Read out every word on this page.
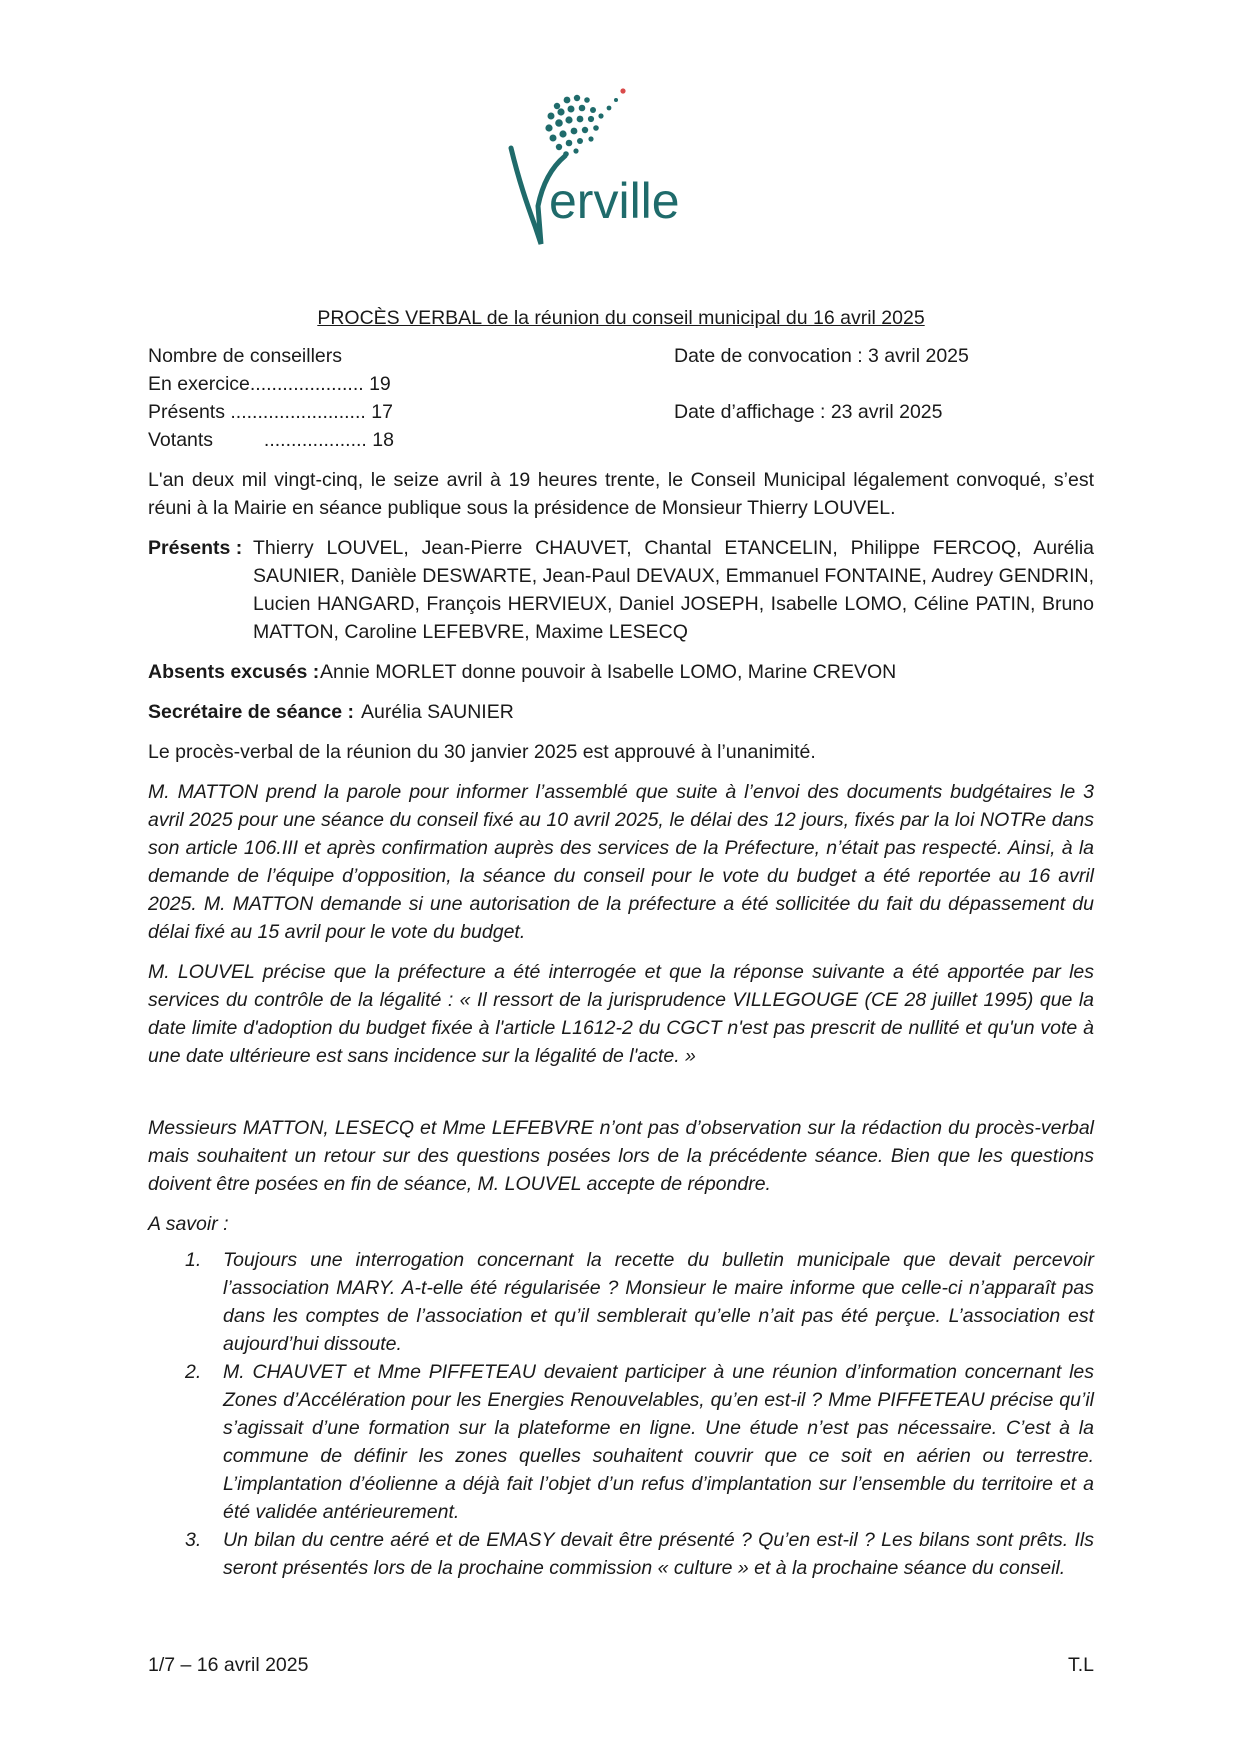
erville

PROCÈS VERBAL de la réunion du conseil municipal du 16 avril 2025

Nombre de conseillers
En exercice..................... 19
Présents ......................... 17
Votants	................... 18
Date de convocation : 3 avril 2025
Date d’affichage : 23 avril 2025

L'an deux mil vingt-cinq, le seize avril à 19 heures trente, le Conseil Municipal légalement convoqué, s’est réuni à la Mairie en séance publique sous la présidence de Monsieur Thierry LOUVEL.

Présents : Thierry LOUVEL, Jean-Pierre CHAUVET, Chantal ETANCELIN, Philippe FERCOQ, Aurélia SAUNIER, Danièle DESWARTE, Jean-Paul DEVAUX, Emmanuel FONTAINE, Audrey GENDRIN, Lucien HANGARD, François HERVIEUX, Daniel JOSEPH, Isabelle LOMO, Céline PATIN, Bruno MATTON, Caroline LEFEBVRE, Maxime LESECQ
Absents excusés : Annie MORLET donne pouvoir à Isabelle LOMO, Marine CREVON
Secrétaire de séance : Aurélia SAUNIER

Le procès-verbal de la réunion du 30 janvier 2025 est approuvé à l’unanimité.

M. MATTON prend la parole pour informer l’assemblé que suite à l’envoi des documents budgétaires le 3 avril 2025 pour une séance du conseil fixé au 10 avril 2025, le délai des 12 jours, fixés par la loi NOTRe dans son article 106.III et après confirmation auprès des services de la Préfecture, n’était pas respecté. Ainsi, à la demande de l’équipe d’opposition, la séance du conseil pour le vote du budget a été reportée au 16 avril 2025. M. MATTON demande si une autorisation de la préfecture a été sollicitée du fait du dépassement du délai fixé au 15 avril pour le vote du budget.

M. LOUVEL précise que la préfecture a été interrogée et que la réponse suivante a été apportée par les services du contrôle de la légalité : « Il ressort de la jurisprudence VILLEGOUGE (CE 28 juillet 1995) que la date limite d'adoption du budget fixée à l'article L1612-2 du CGCT n'est pas prescrit de nullité et qu'un vote à une date ultérieure est sans incidence sur la légalité de l'acte. »

Messieurs MATTON, LESECQ et Mme LEFEBVRE n’ont pas d’observation sur la rédaction du procès-verbal mais souhaitent un retour sur des questions posées lors de la précédente séance. Bien que les questions doivent être posées en fin de séance, M. LOUVEL accepte de répondre.

A savoir :

1.	Toujours une interrogation concernant la recette du bulletin municipale que devait percevoir l’association MARY. A-t-elle été régularisée ? Monsieur le maire informe que celle-ci n’apparaît pas dans les comptes de l’association et qu’il semblerait qu’elle n’ait pas été perçue. L’association est aujourd’hui dissoute.
2.	M. CHAUVET et Mme PIFFETEAU devaient participer à une réunion d’information concernant les Zones d’Accélération pour les Energies Renouvelables, qu’en est-il ? Mme PIFFETEAU précise qu’il s’agissait d’une formation sur la plateforme en ligne. Une étude n’est pas nécessaire. C’est à la commune de définir les zones quelles souhaitent couvrir que ce soit en aérien ou terrestre. L’implantation d’éolienne a déjà fait l’objet d’un refus d’implantation sur l’ensemble du territoire et a été validée antérieurement.
3.	Un bilan du centre aéré et de EMASY devait être présenté ? Qu’en est-il ? Les bilans sont prêts. Ils seront présentés lors de la prochaine commission « culture » et à la prochaine séance du conseil.
1/7 – 16 avril 2025	T.L
